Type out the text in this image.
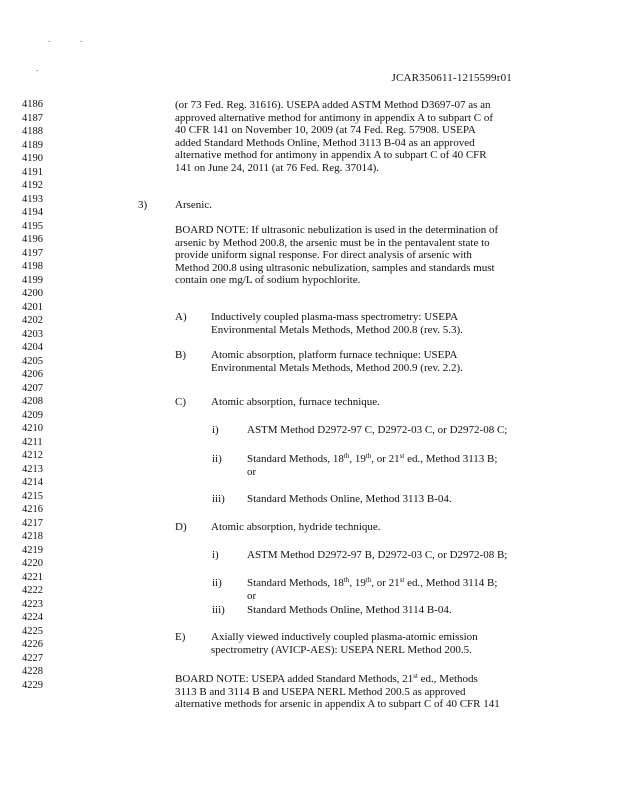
.	.
.
JCAR350611-1215599r01
4186
4187
4188
4189
4190
4191
4192
4193
4194
4195
4196
4197
4198
4199
4200
4201
4202
4203
4204
4205
4206
4207
4208
4209
4210
4211
4212
4213
4214
4215
4216
4217
4218
4219
4220
4221
4222
4223
4224
4225
4226
4227
4228
4229
(or 73 Fed. Reg. 31616). USEPA added ASTM Method D3697-07 as an
approved alternative method for antimony in appendix A to subpart C of
40 CFR 141 on November 10, 2009 (at 74 Fed. Reg. 57908. USEPA
added Standard Methods Online, Method 3113 B-04 as an approved
alternative method for antimony in appendix A to subpart C of 40 CFR
141 on June 24, 2011 (at 76 Fed. Reg. 37014).
3)	Arsenic.
BOARD NOTE: If ultrasonic nebulization is used in the determination of
arsenic by Method 200.8, the arsenic must be in the pentavalent state to
provide uniform signal response. For direct analysis of arsenic with
Method 200.8 using ultrasonic nebulization, samples and standards must
contain one mg/L of sodium hypochlorite.
A) Inductively coupled plasma-mass spectrometry: USEPA
Environmental Metals Methods, Method 200.8 (rev. 5.3).
B) Atomic absorption, platform furnace technique: USEPA
Environmental Metals Methods, Method 200.9 (rev. 2.2).
C) Atomic absorption, furnace technique.
i)	ASTM Method D2972-97 C, D2972-03 C, or D2972-08 C;
ii) Standard Methods, 18th, 19th, or 21st ed., Method 3113 B;
or
iii) Standard Methods Online, Method 3113 B-04.
D) Atomic absorption, hydride technique.
i)	ASTM Method D2972-97 B, D2972-03 C, or D2972-08 B;
ii) Standard Methods, 18th, 19th, or 21st ed., Method 3114 B;
or
iii) Standard Methods Online, Method 3114 B-04.
E) Axially viewed inductively coupled plasma-atomic emission
spectrometry (AVICP-AES): USEPA NERL Method 200.5.
BOARD NOTE: USEPA added Standard Methods, 21st ed., Methods
3113 B and 3114 B and USEPA NERL Method 200.5 as approved
alternative methods for arsenic in appendix A to subpart C of 40 CFR 141
